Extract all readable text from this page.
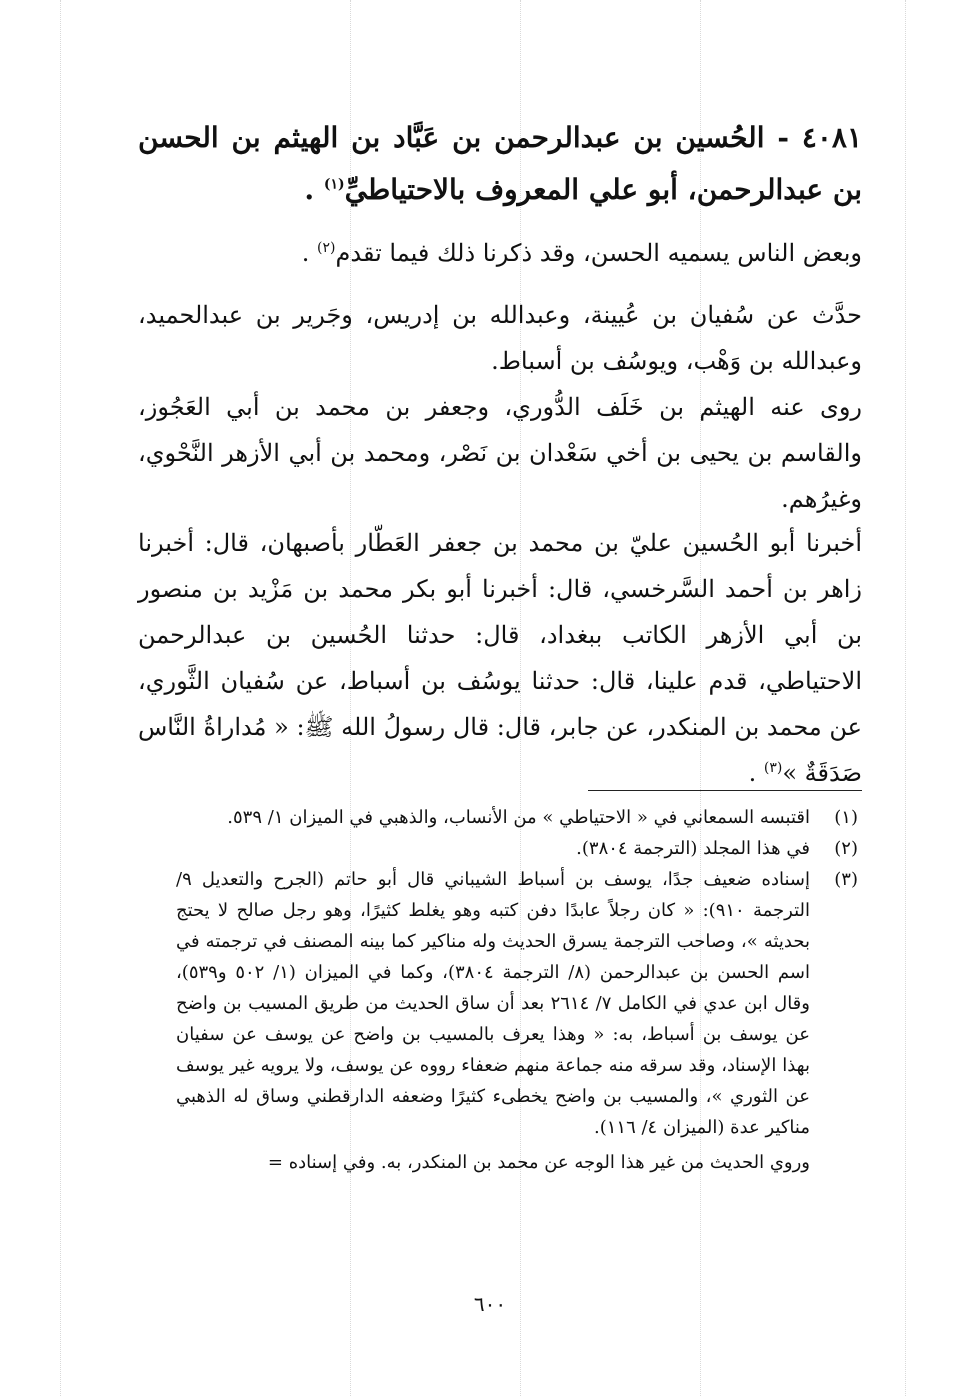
٤٠٨١ - الحُسين بن عبدالرحمن بن عَبَّاد بن الهيثم بن الحسن بن عبدالرحمن، أبو علي المعروف بالاحتياطيِّ$^{(١)}$ .
وبعض الناس يسميه الحسن، وقد ذكرنا ذلك فيما تقدم$^{(٢)}$ .
حدَّث عن سُفيان بن عُيينة، وعبدالله بن إدريس، وجَرير بن عبدالحميد، وعبدالله بن وَهْب، ويوسُف بن أسباط.
روى عنه الهيثم بن خَلَف الدُّوري، وجعفر بن محمد بن أبي العَجُوز، والقاسم بن يحيى بن أخي سَعْدان بن نَصْر، ومحمد بن أبي الأزهر النَّحْوي، وغيرُهم.
أخبرنا أبو الحُسين عليّ بن محمد بن جعفر العَطّار بأصبهان، قال: أخبرنا زاهر بن أحمد السَّرخسي، قال: أخبرنا أبو بكر محمد بن مَزْيد بن منصور بن أبي الأزهر الكاتب ببغداد، قال: حدثنا الحُسين بن عبدالرحمن الاحتياطي، قدم علينا، قال: حدثنا يوسُف بن أسباط، عن سُفيان الثَّوري، عن محمد بن المنكدر، عن جابر، قال: قال رسولُ الله ﷺ: « مُداراةُ النَّاس صَدَقَةٌ »$^{(٣)}$ .
(١)
اقتبسه السمعاني في « الاحتياطي » من الأنساب، والذهبي في الميزان ١/ ٥٣٩.
(٢)
في هذا المجلد (الترجمة ٣٨٠٤).
(٣)
إسناده ضعيف جدًا، يوسف بن أسباط الشيباني قال أبو حاتم (الجرح والتعديل ٩/ الترجمة ٩١٠): « كان رجلاً عابدًا دفن كتبه وهو يغلط كثيرًا، وهو رجل صالح لا يحتج بحديثه »، وصاحب الترجمة يسرق الحديث وله مناكير كما بينه المصنف في ترجمته في اسم الحسن بن عبدالرحمن (٨/ الترجمة ٣٨٠٤)، وكما في الميزان (١/ ٥٠٢ و٥٣٩)، وقال ابن عدي في الكامل ٧/ ٢٦١٤ بعد أن ساق الحديث من طريق المسيب بن واضح عن يوسف بن أسباط، به: « وهذا يعرف بالمسيب بن واضح عن يوسف عن سفيان بهذا الإسناد، وقد سرقه منه جماعة منهم ضعفاء رووه عن يوسف، ولا يرويه غير يوسف عن الثوري »، والمسيب بن واضح يخطىء كثيرًا وضعفه الدارقطني وساق له الذهبي مناكير عدة (الميزان ٤/ ١١٦).
وروي الحديث من غير هذا الوجه عن محمد بن المنكدر، به. وفي إسناده =
٦٠٠
